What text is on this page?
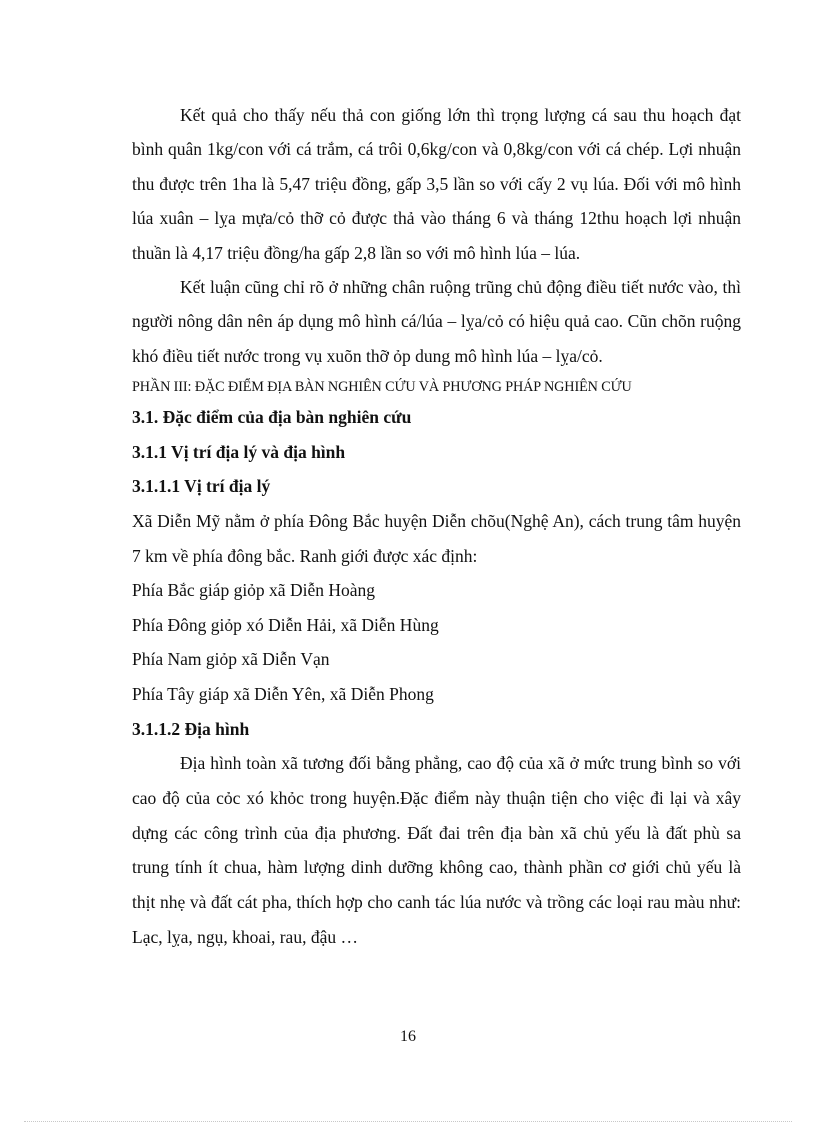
Kết quả cho thấy nếu thả con giống lớn thì trọng lượng cá sau thu hoạch đạt bình quân 1kg/con với cá trắm, cá trôi 0,6kg/con và 0,8kg/con với cá chép. Lợi nhuận thu được trên 1ha là 5,47 triệu đồng, gấp 3,5 lần so với cấy 2 vụ lúa. Đối với mô hình lúa xuân – lỵa mựa/cỏ thỡ cỏ được thả vào tháng 6 và tháng 12thu hoạch lợi nhuận thuần là 4,17 triệu đồng/ha gấp 2,8 lần so với mô hình lúa – lúa.

Kết luận cũng chỉ rõ ở những chân ruộng trũng chủ động điều tiết nước vào, thì người nông dân nên áp dụng mô hình cá/lúa – lỵa/cỏ có hiệu quả cao. Cũn chõn ruộng khó điều tiết nước trong vụ xuõn thỡ ỏp dung mô hình lúa – lỵa/cỏ.

PHẦN III: ĐẶC ĐIỂM ĐỊA BÀN NGHIÊN CỨU VÀ PHƯƠNG PHÁP NGHIÊN CỨU

3.1. Đặc điểm của địa bàn nghiên cứu

3.1.1 Vị trí địa lý và địa hình

3.1.1.1 Vị trí địa lý

Xã Diễn Mỹ nằm ở phía Đông Bắc huyện Diễn chõu(Nghệ An), cách trung tâm huyện 7 km về phía đông bắc. Ranh giới được xác định:

Phía Bắc giáp giỏp xã Diễn Hoàng

Phía Đông giỏp xó Diễn Hải, xã Diễn Hùng

Phía Nam giỏp xã Diễn Vạn

Phía Tây giáp xã Diễn Yên, xã Diễn Phong

3.1.1.2 Địa hình

Địa hình toàn xã tương đối bằng phẳng, cao độ của xã ở mức trung bình so với cao độ của cỏc xó khỏc trong huyện.Đặc điểm này thuận tiện cho việc đi lại và xây dựng các công trình của địa phương. Đất đai trên địa bàn xã chủ yếu là đất phù sa trung tính ít chua, hàm lượng dinh dưỡng không cao, thành phần cơ giới chủ yếu là thịt nhẹ và đất cát pha, thích hợp cho canh tác lúa nước và trồng các loại rau màu như: Lạc, lỵa, ngụ, khoai, rau, đậu …

16
